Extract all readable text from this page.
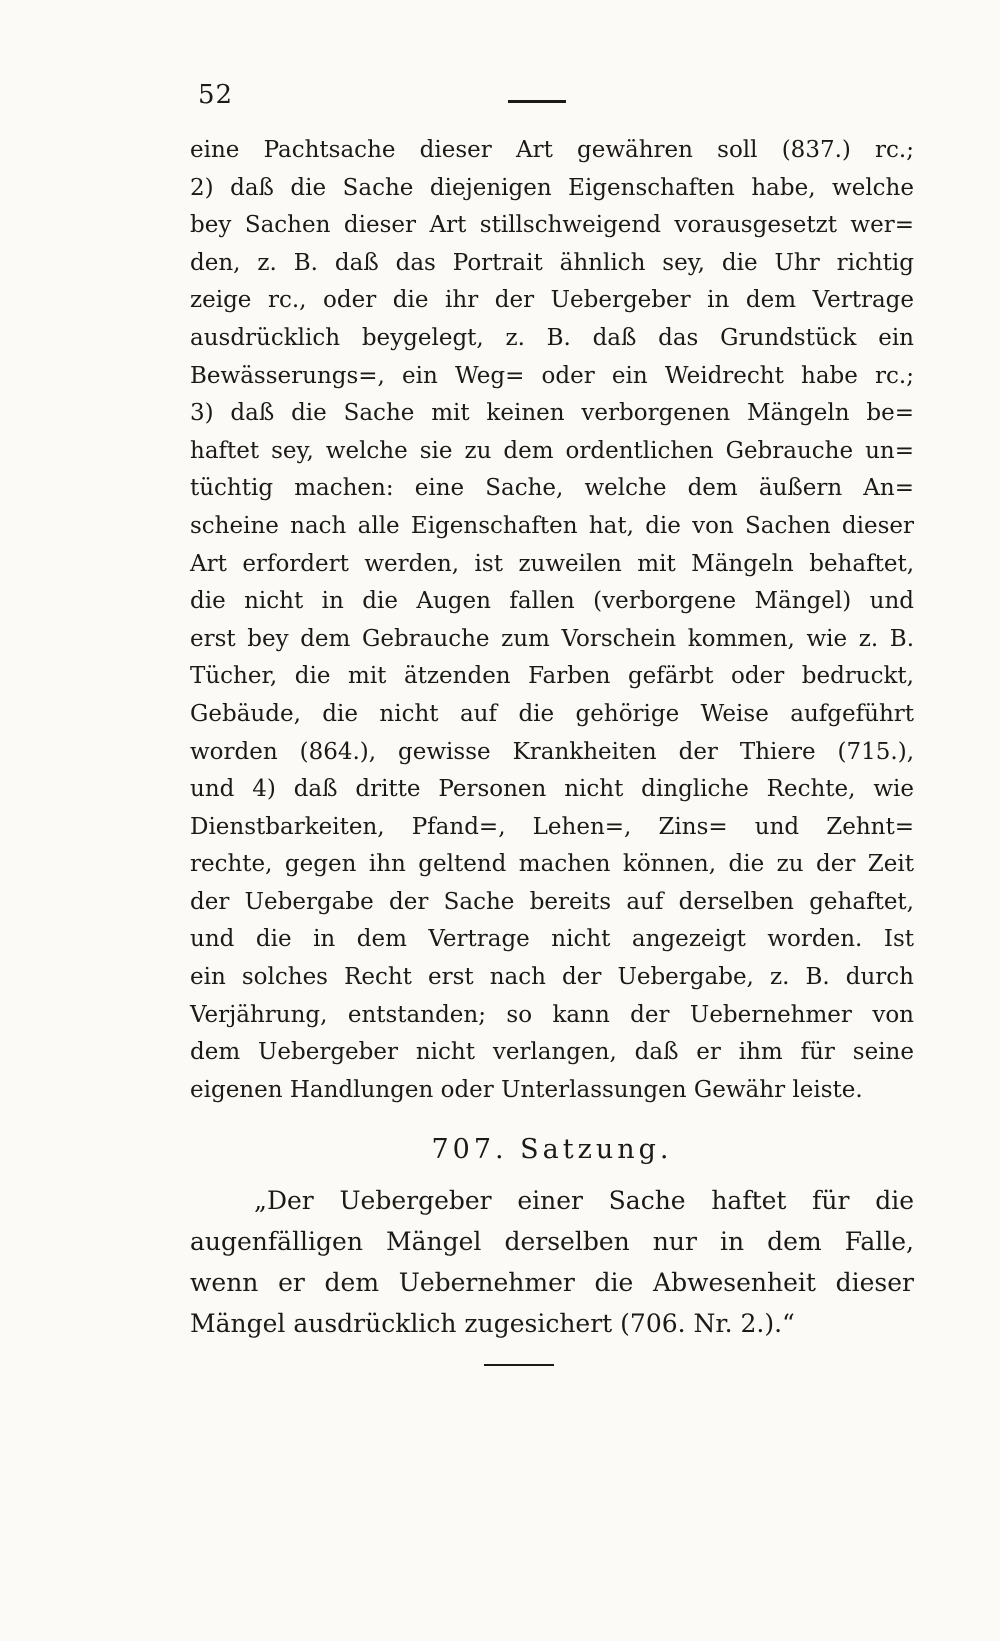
52
eine Pachtsache dieser Art gewähren soll (837.) rc.;
2) daß die Sache diejenigen Eigenschaften habe, welche
bey Sachen dieser Art stillschweigend vorausgesetzt wer=
den, z. B. daß das Portrait ähnlich sey, die Uhr richtig
zeige rc., oder die ihr der Uebergeber in dem Vertrage
ausdrücklich beygelegt, z. B. daß das Grundstück ein
Bewässerungs=, ein Weg= oder ein Weidrecht habe rc.;
3) daß die Sache mit keinen verborgenen Mängeln be=
haftet sey, welche sie zu dem ordentlichen Gebrauche un=
tüchtig machen: eine Sache, welche dem äußern An=
scheine nach alle Eigenschaften hat, die von Sachen dieser
Art erfordert werden, ist zuweilen mit Mängeln behaftet,
die nicht in die Augen fallen (verborgene Mängel) und
erst bey dem Gebrauche zum Vorschein kommen, wie z. B.
Tücher, die mit ätzenden Farben gefärbt oder bedruckt,
Gebäude, die nicht auf die gehörige Weise aufgeführt
worden (864.), gewisse Krankheiten der Thiere (715.),
und 4) daß dritte Personen nicht dingliche Rechte, wie
Dienstbarkeiten, Pfand=, Lehen=, Zins= und Zehnt=
rechte, gegen ihn geltend machen können, die zu der Zeit
der Uebergabe der Sache bereits auf derselben gehaftet,
und die in dem Vertrage nicht angezeigt worden. Ist
ein solches Recht erst nach der Uebergabe, z. B. durch
Verjährung, entstanden; so kann der Uebernehmer von
dem Uebergeber nicht verlangen, daß er ihm für seine
eigenen Handlungen oder Unterlassungen Gewähr leiste.
707. Satzung.
„Der Uebergeber einer Sache haftet für die
augenfälligen Mängel derselben nur in dem Falle,
wenn er dem Uebernehmer die Abwesenheit dieser
Mängel ausdrücklich zugesichert (706. Nr. 2.).“
